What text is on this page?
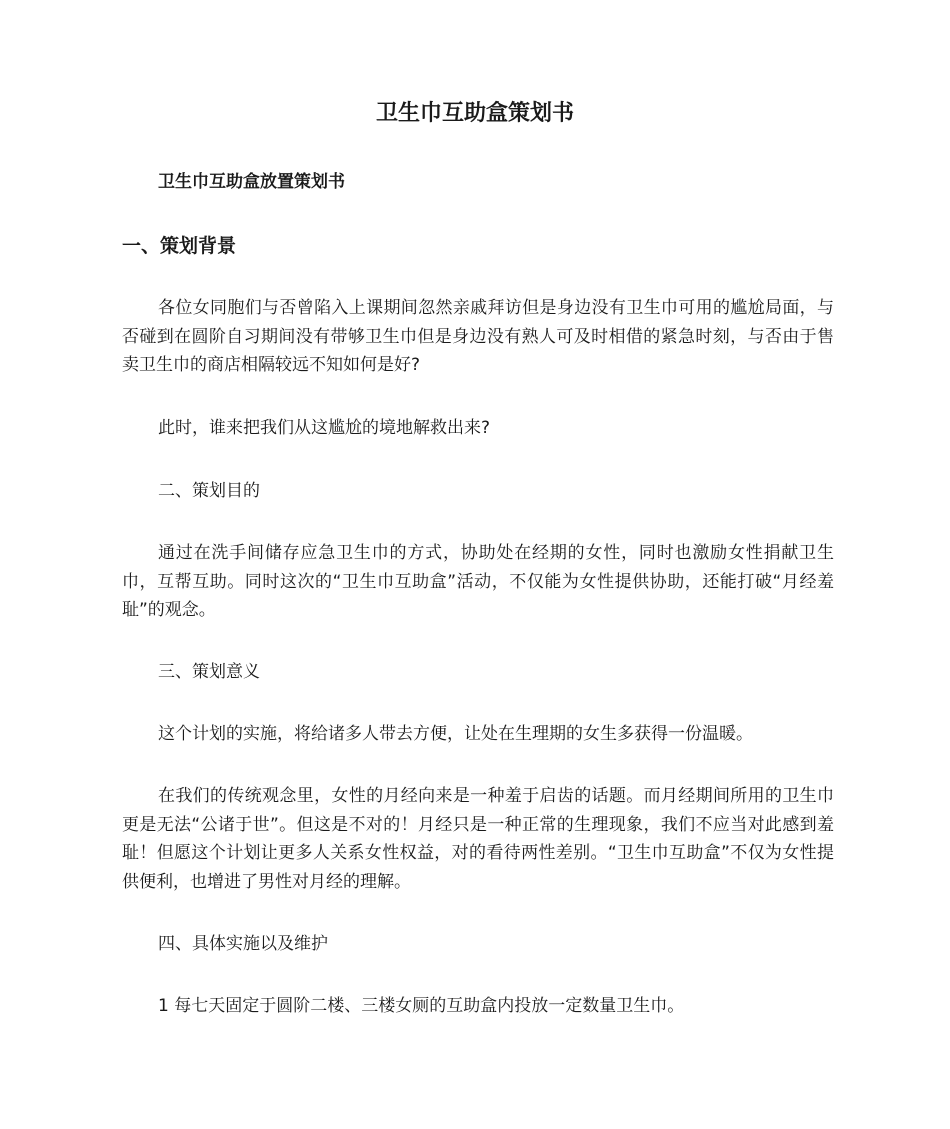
卫生巾互助盒策划书

卫生巾互助盒放置策划书

一、策划背景

各位女同胞们与否曾陷入上课期间忽然亲戚拜访但是身边没有卫生巾可用的尴尬局面，与否碰到在圆阶自习期间没有带够卫生巾但是身边没有熟人可及时相借的紧急时刻，与否由于售卖卫生巾的商店相隔较远不知如何是好?

此时，谁来把我们从这尴尬的境地解救出来?

二、策划目的

通过在洗手间储存应急卫生巾的方式，协助处在经期的女性，同时也激励女性捐献卫生巾，互帮互助。同时这次的“卫生巾互助盒”活动，不仅能为女性提供协助，还能打破“月经羞耻”的观念。

三、策划意义

这个计划的实施，将给诸多人带去方便，让处在生理期的女生多获得一份温暖。

在我们的传统观念里，女性的月经向来是一种羞于启齿的话题。而月经期间所用的卫生巾更是无法“公诸于世”。但这是不对的！月经只是一种正常的生理现象，我们不应当对此感到羞耻！但愿这个计划让更多人关系女性权益，对的看待两性差别。“卫生巾互助盒”不仅为女性提供便利，也增进了男性对月经的理解。

四、具体实施以及维护

1 每七天固定于圆阶二楼、三楼女厕的互助盒内投放一定数量卫生巾。
